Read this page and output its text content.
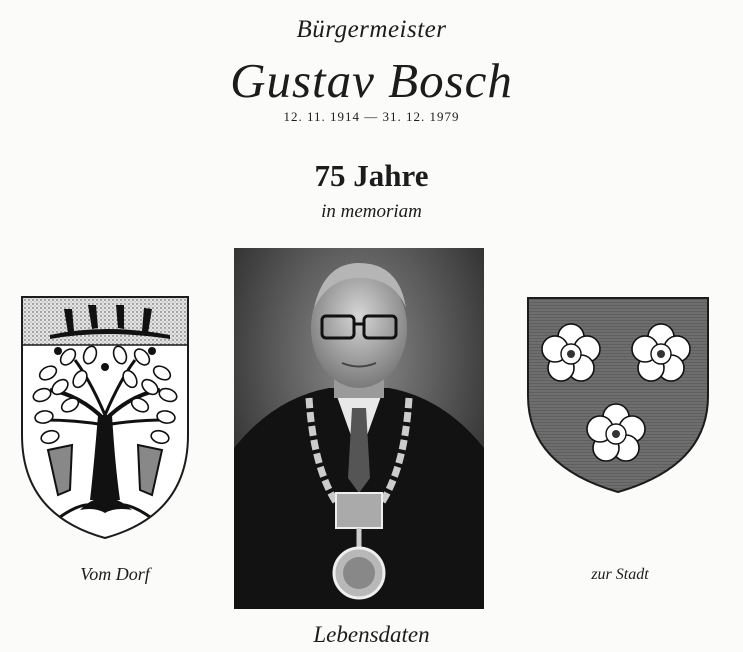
Bürgermeister
Gustav Bosch
12. 11. 1914 — 31. 12. 1979
75 Jahre
in memoriam
Vom Dorf	zur Stadt
Lebensdaten
